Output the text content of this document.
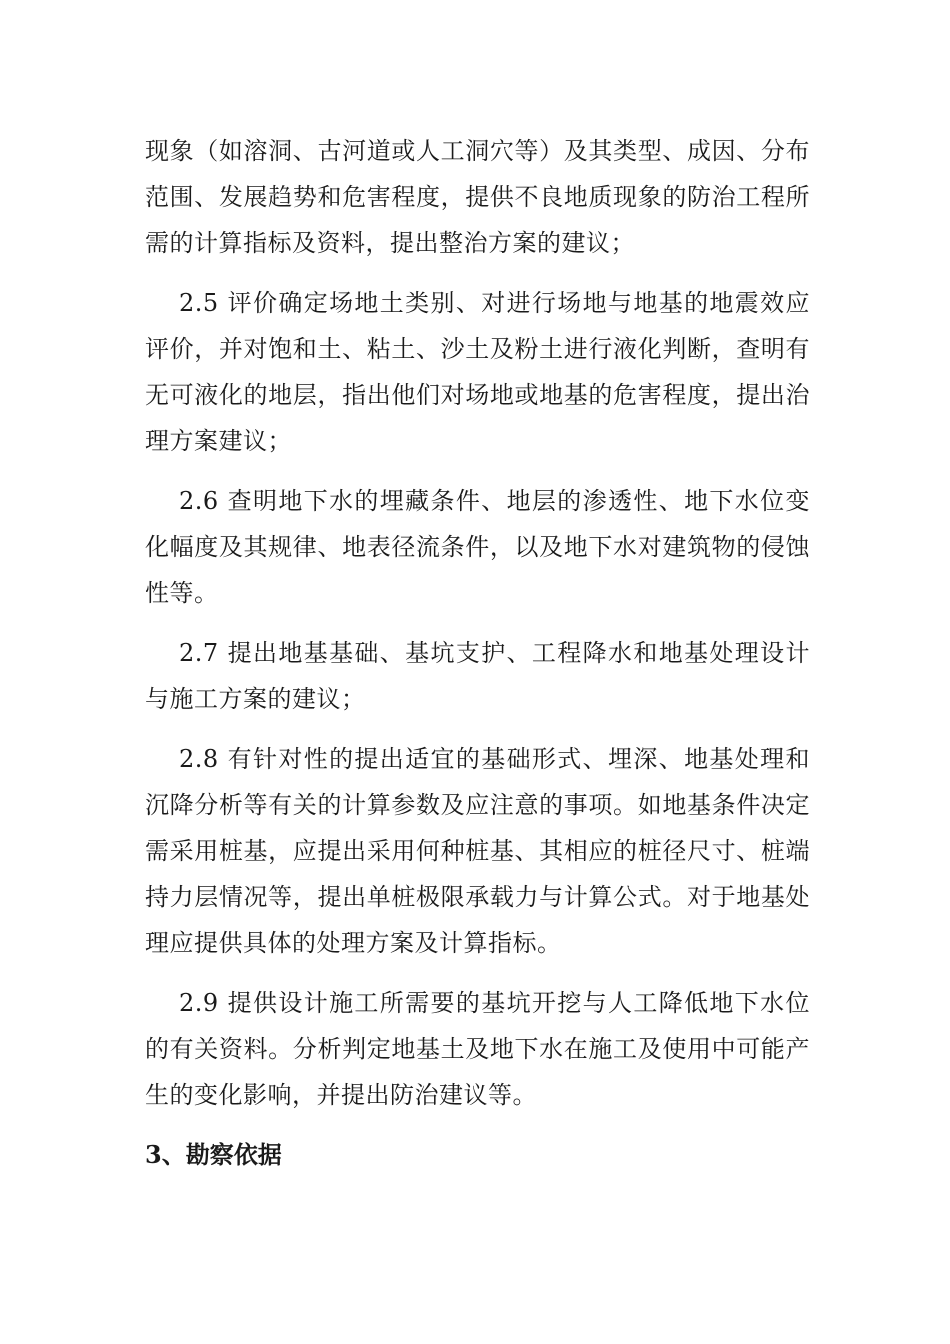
现象（如溶洞、古河道或人工洞穴等）及其类型、成因、分布范围、发展趋势和危害程度，提供不良地质现象的防治工程所需的计算指标及资料，提出整治方案的建议；

2.5 评价确定场地土类别、对进行场地与地基的地震效应评价，并对饱和土、粘土、沙土及粉土进行液化判断，查明有无可液化的地层，指出他们对场地或地基的危害程度，提出治理方案建议；

2.6 查明地下水的埋藏条件、地层的渗透性、地下水位变化幅度及其规律、地表径流条件，以及地下水对建筑物的侵蚀性等。

2.7 提出地基基础、基坑支护、工程降水和地基处理设计与施工方案的建议；

2.8 有针对性的提出适宜的基础形式、埋深、地基处理和沉降分析等有关的计算参数及应注意的事项。如地基条件决定需采用桩基，应提出采用何种桩基、其相应的桩径尺寸、桩端持力层情况等，提出单桩极限承载力与计算公式。对于地基处理应提供具体的处理方案及计算指标。

2.9 提供设计施工所需要的基坑开挖与人工降低地下水位的有关资料。分析判定地基土及地下水在施工及使用中可能产生的变化影响，并提出防治建议等。

3、勘察依据
